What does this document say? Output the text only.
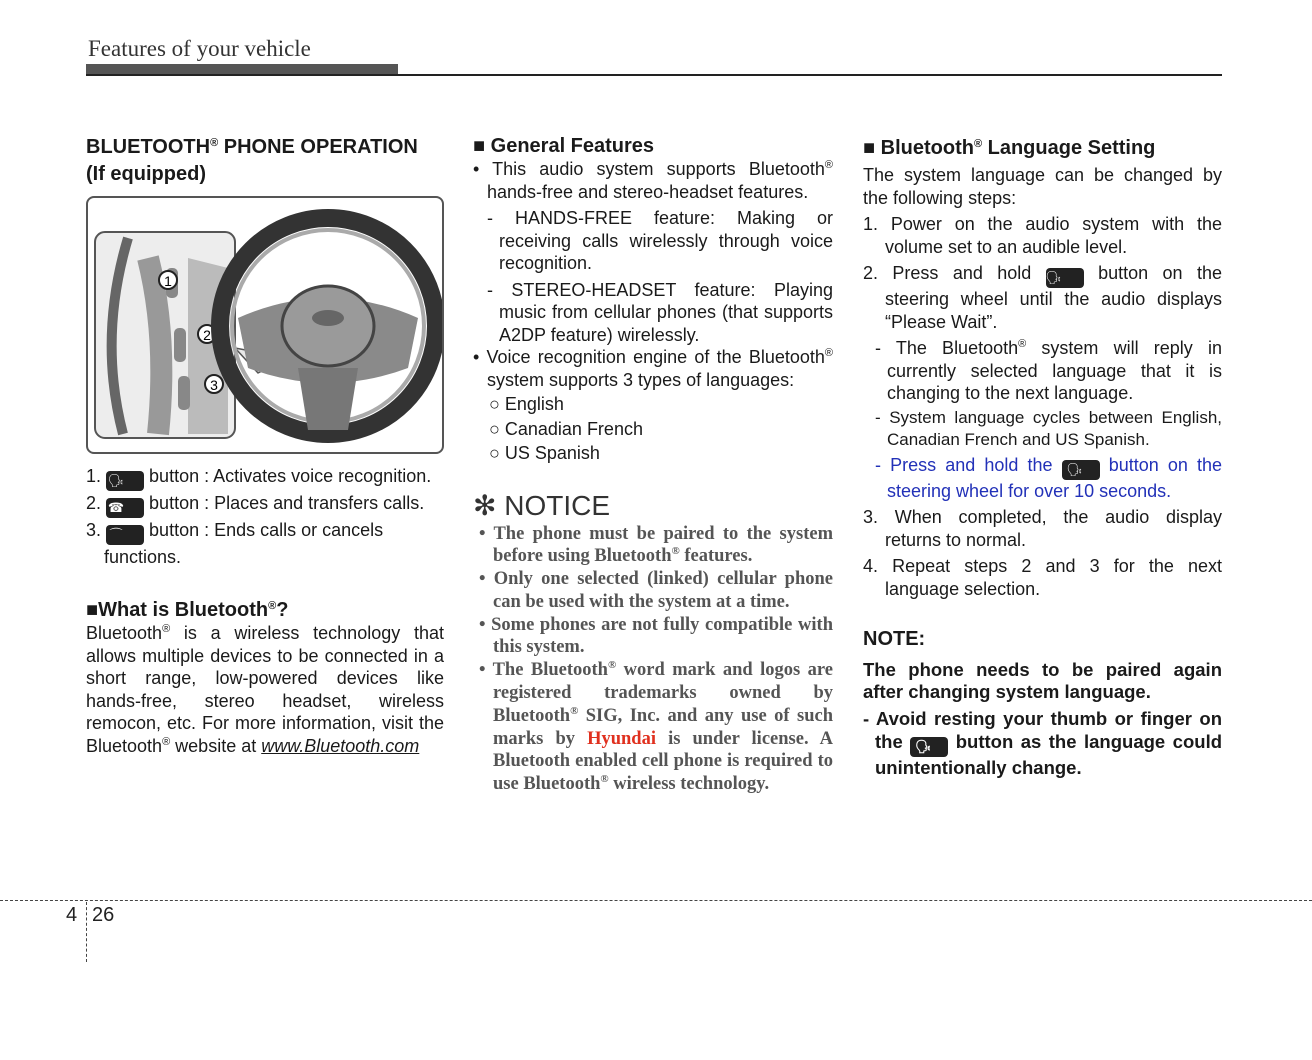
Features of your vehicle

BLUETOOTH® PHONE OPERATION
(If equipped)

1
2
3
1. 🗣 button : Activates voice recognition.
2. ☎ button : Places and transfers calls.
3. ⌒ button : Ends calls or cancels functions.

■What is Bluetooth®?

Bluetooth® is a wireless technology that allows multiple devices to be connected in a short range, low-powered devices like hands-free, stereo headset, wireless remocon, etc. For more information, visit the Bluetooth® website at www.Bluetooth.com

■ General Features

• This audio system supports Bluetooth® hands-free and stereo-headset features.
- HANDS-FREE feature: Making or receiving calls wirelessly through voice recognition.
- STEREO-HEADSET feature: Playing music from cellular phones (that supports A2DP feature) wirelessly.
• Voice recognition engine of the Bluetooth® system supports 3 types of languages:
○ English
○ Canadian French
○ US Spanish
✻ NOTICE
• The phone must be paired to the system before using Bluetooth® features.
• Only one selected (linked) cellular phone can be used with the system at a time.
• Some phones are not fully compatible with this system.
• The Bluetooth® word mark and logos are registered trademarks owned by Bluetooth® SIG, Inc. and any use of such marks by Hyundai is under license. A Bluetooth enabled cell phone is required to use Bluetooth® wireless technology.

■ Bluetooth® Language Setting

The system language can be changed by the following steps:
1. Power on the audio system with the volume set to an audible level.
2. Press and hold 🗣 button on the steering wheel until the audio displays “Please Wait”.
- The Bluetooth® system will reply in currently selected language that it is changing to the next language.
- System language cycles between English, Canadian French and US Spanish.
- Press and hold the 🗣 button on the steering wheel for over 10 seconds.
3. When completed, the audio display returns to normal.
4. Repeat steps 2 and 3 for the next language selection.
NOTE:
The phone needs to be paired again after changing system language.
- Avoid resting your thumb or finger on the 🗣 button as the language could unintentionally change.
4 26
